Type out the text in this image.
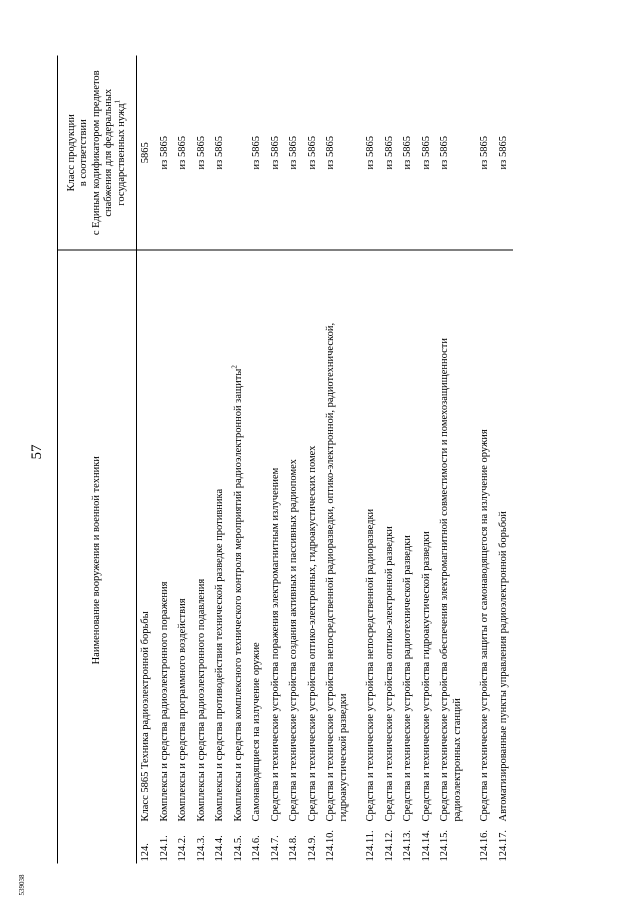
57
Наименование вооружения и военной техники		Класс продукции в соответствии с Единым кодификатором предметов снабжения для федеральных государственных нужд$^1$
124.	Класс 5865 Техника радиоэлектронной борьбы	5865
124.1.	Комплексы и средства радиоэлектронного поражения	из 5865
124.2.	Комплексы и средства программного воздействия	из 5865
124.3.	Комплексы и средства радиоэлектронного подавления	из 5865
124.4.	Комплексы и средства противодействия технической разведке противника	из 5865
124.5.	Комплексы и средства комплексного технического контроля мероприятий радиоэлектронной защиты$^2$	
124.6.	Самонаводящиеся на излучение оружие	из 5865
124.7.	Средства и технические устройства поражения электромагнитным излучением	из 5865
124.8.	Средства и технические устройства создания активных и пассивных радиопомех	из 5865
124.9.	Средства и технические устройства оптико-электронных, гидроакустических помех	из 5865
124.10.	Средства и технические устройства непосредственной радиоразведки, оптико-электронной, радиотехнической, гидроакустической разведки	из 5865
124.11.	Средства и технические устройства непосредственной радиоразведки	из 5865
124.12.	Средства и технические устройства оптико-электронной разведки	из 5865
124.13.	Средства и технические устройства радиотехнической разведки	из 5865
124.14.	Средства и технические устройства гидроакустической разведки	из 5865
124.15.	Средства и технические устройства обеспечения электромагнитной совместимости и помехозащищенности радиоэлектронных станций	из 5865
124.16.	Средства и технические устройства защиты от самонаводящегося на излучение оружия	из 5865
124.17.	Автоматизированные пункты управления радиоэлектронной борьбой	из 5865
539038
